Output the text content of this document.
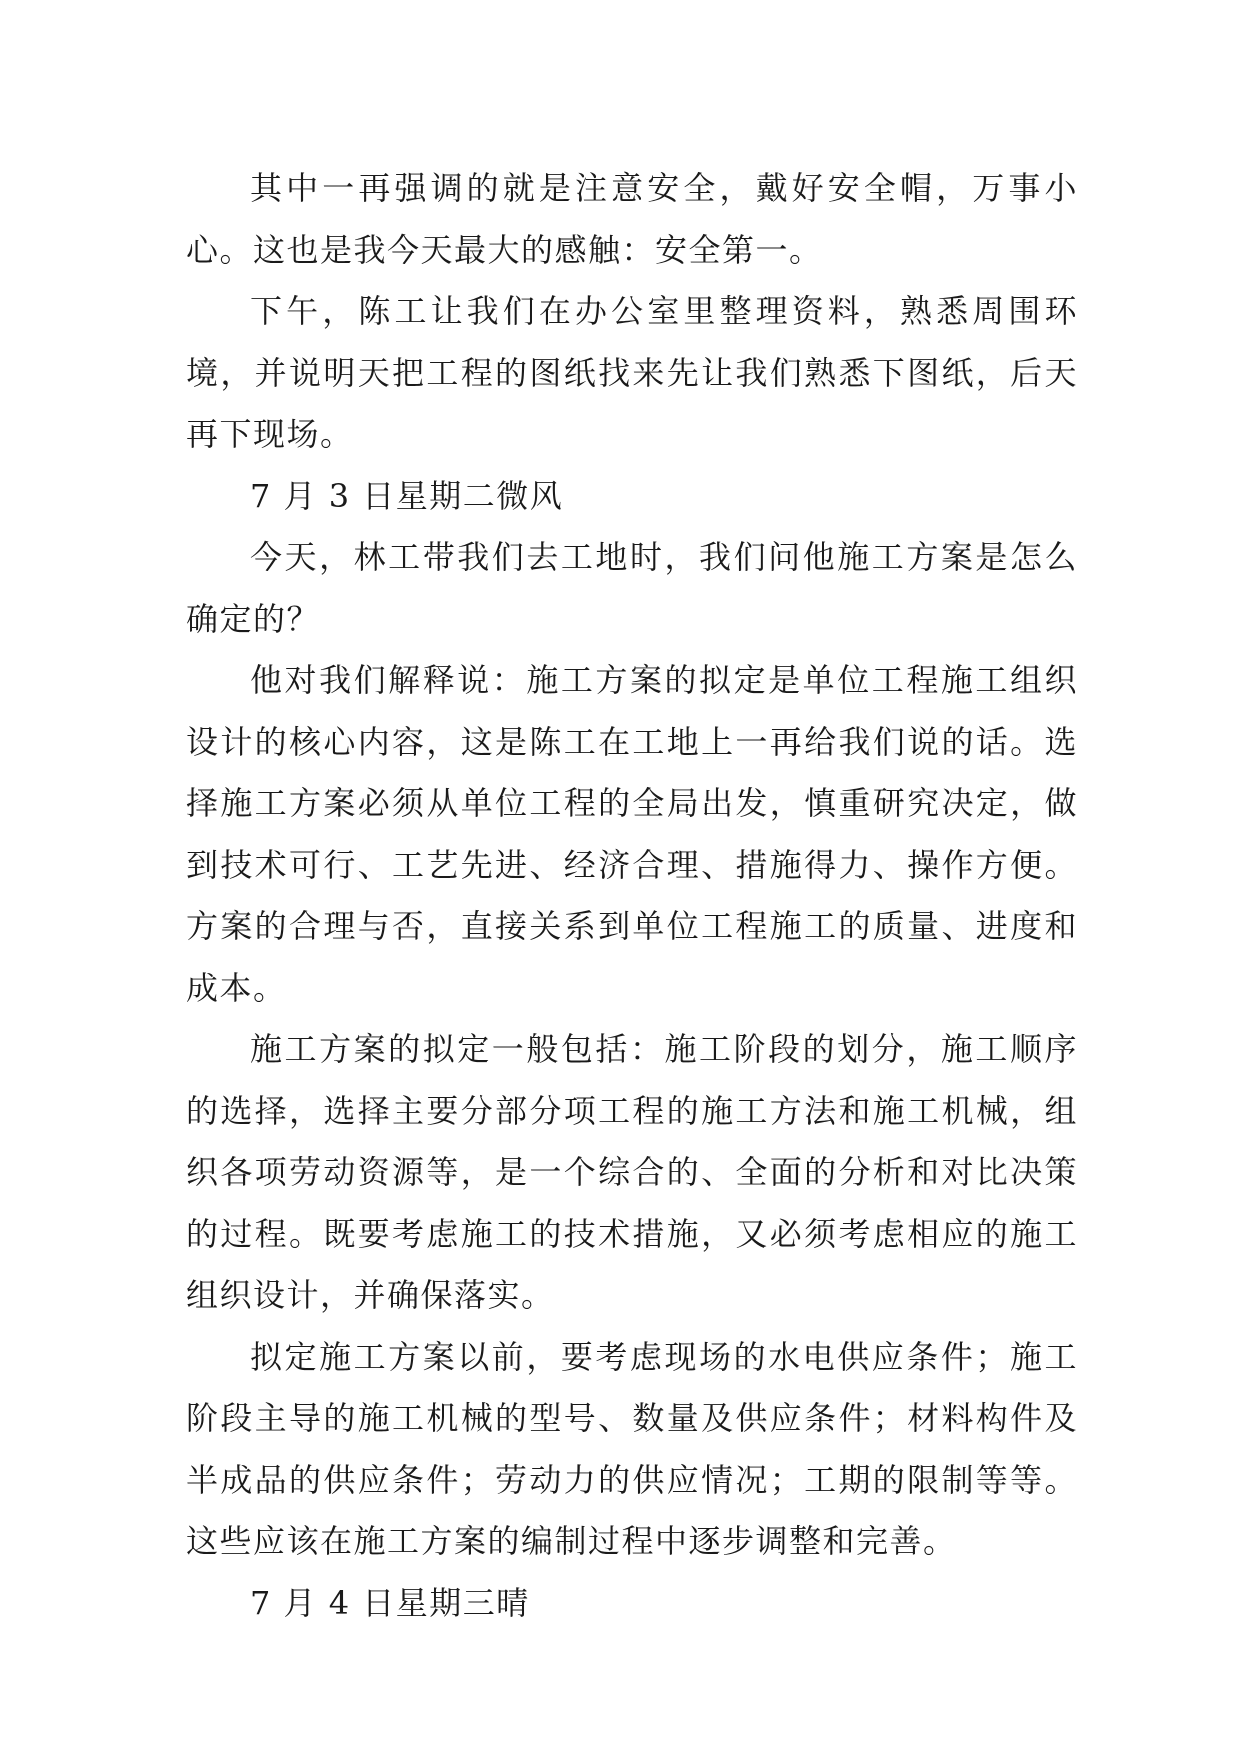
其中一再强调的就是注意安全，戴好安全帽，万事小心。这也是我今天最大的感触：安全第一。

下午，陈工让我们在办公室里整理资料，熟悉周围环境，并说明天把工程的图纸找来先让我们熟悉下图纸，后天再下现场。

7 月 3 日星期二微风

今天，林工带我们去工地时，我们问他施工方案是怎么确定的？

他对我们解释说：施工方案的拟定是单位工程施工组织设计的核心内容，这是陈工在工地上一再给我们说的话。选择施工方案必须从单位工程的全局出发，慎重研究决定，做到技术可行、工艺先进、经济合理、措施得力、操作方便。方案的合理与否，直接关系到单位工程施工的质量、进度和成本。

施工方案的拟定一般包括：施工阶段的划分，施工顺序的选择，选择主要分部分项工程的施工方法和施工机械，组织各项劳动资源等，是一个综合的、全面的分析和对比决策的过程。既要考虑施工的技术措施，又必须考虑相应的施工组织设计，并确保落实。

拟定施工方案以前，要考虑现场的水电供应条件；施工阶段主导的施工机械的型号、数量及供应条件；材料构件及半成品的供应条件；劳动力的供应情况；工期的限制等等。这些应该在施工方案的编制过程中逐步调整和完善。

7 月 4 日星期三晴
